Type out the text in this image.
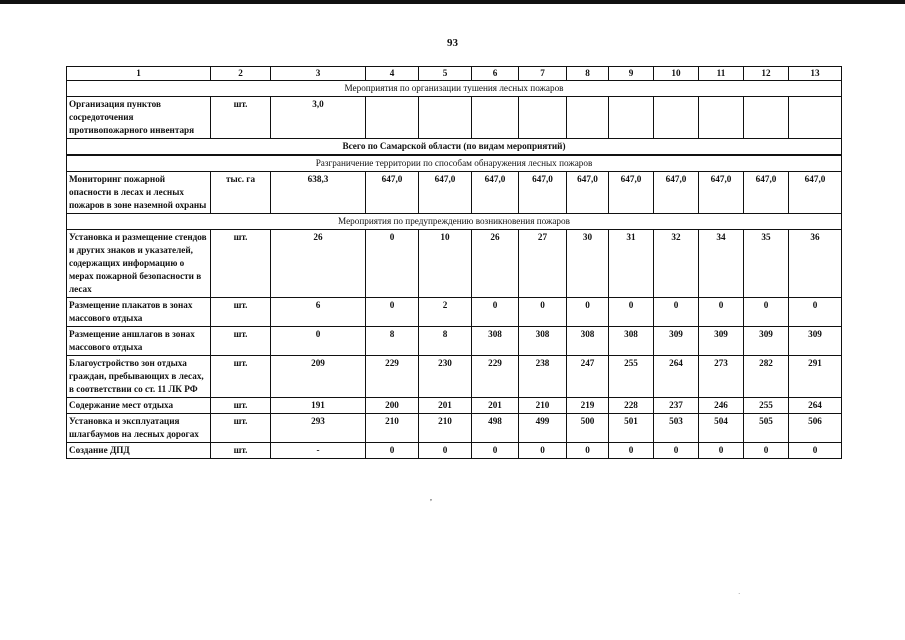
93
1	2	3	4	5	6	7	8	9	10	11	12	13
Мероприятия по организации тушения лесных пожаров												
Организация пунктов сосредоточения противопожарного инвентаря	шт.	3,0										
Всего по Самарской области (по видам мероприятий)												
Разграничение территории по способам обнаружения лесных пожаров												
Мониторинг пожарной опасности в лесах и лесных пожаров в зоне наземной охраны	тыс. га	638,3	647,0	647,0	647,0	647,0	647,0	647,0	647,0	647,0	647,0	647,0
Мероприятия по предупреждению возникновения пожаров												
Установка и размещение стендов и других знаков и указателей, содержащих информацию о мерах пожарной безопасности в лесах	шт.	26	0	10	26	27	30	31	32	34	35	36
Размещение плакатов в зонах массового отдыха	шт.	6	0	2	0	0	0	0	0	0	0	0
Размещение аншлагов в зонах массового отдыха	шт.	0	8	8	308	308	308	308	309	309	309	309
Благоустройство зон отдыха граждан, пребывающих в лесах, в соответствии со ст. 11 ЛК РФ	шт.	209	229	230	229	238	247	255	264	273	282	291
Содержание мест отдыха	шт.	191	200	201	201	210	219	228	237	246	255	264
Установка и эксплуатация шлагбаумов на лесных дорогах	шт.	293	210	210	498	499	500	501	503	504	505	506
Создание ДПД	шт.	-	0	0	0	0	0	0	0	0	0	0
,
·
